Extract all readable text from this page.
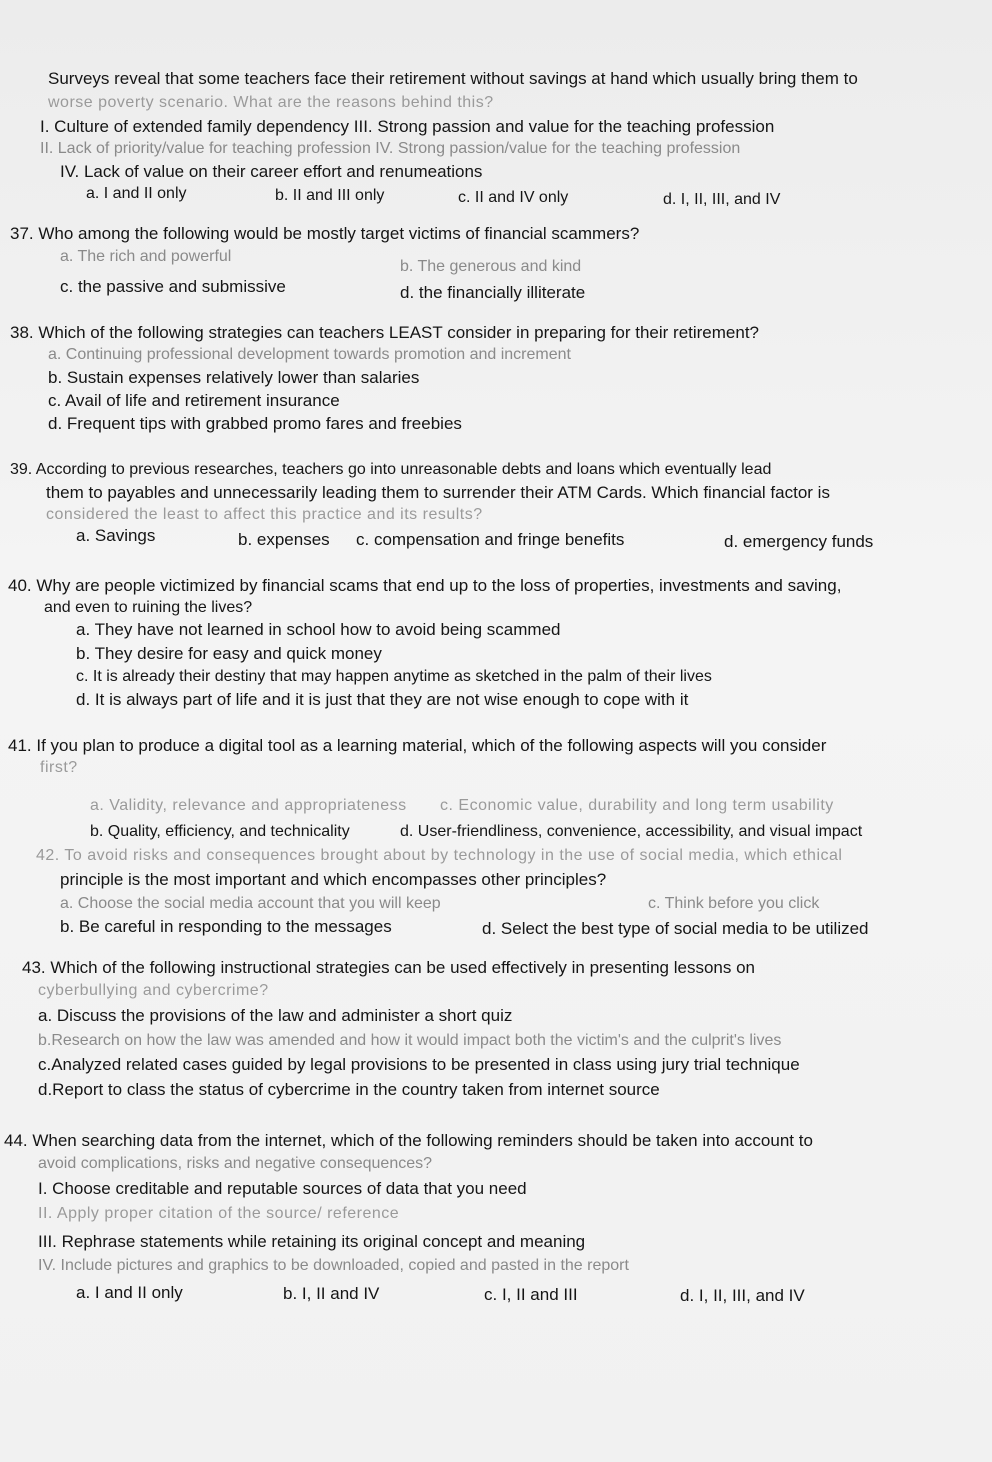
Surveys reveal that some teachers face their retirement without savings at hand which usually bring them to
worse poverty scenario. What are the reasons behind this?
I. Culture of extended family dependency III. Strong passion and value for the teaching profession
II. Lack of priority/value for teaching profession IV. Strong passion/value for the teaching profession
IV. Lack of value on their career effort and renumeations
a. I and II only	b. II and III only	c. II and IV only	d. I, II, III, and IV
37. Who among the following would be mostly target victims of financial scammers?
a. The rich and powerful
b. The generous and kind
c. the passive and submissive	d. the financially illiterate
38. Which of the following strategies can teachers LEAST consider in preparing for their retirement?
a. Continuing professional development towards promotion and increment
b. Sustain expenses relatively lower than salaries
c. Avail of life and retirement insurance
d. Frequent tips with grabbed promo fares and freebies
39. According to previous researches, teachers go into unreasonable debts and loans which eventually lead
them to payables and unnecessarily leading them to surrender their ATM Cards. Which financial factor is
considered the least to affect this practice and its results?
a. Savings	b. expenses c. compensation and fringe benefits	d. emergency funds
40. Why are people victimized by financial scams that end up to the loss of properties, investments and saving,
and even to ruining the lives?
a. They have not learned in school how to avoid being scammed
b. They desire for easy and quick money
c. It is already their destiny that may happen anytime as sketched in the palm of their lives
d. It is always part of life and it is just that they are not wise enough to cope with it
41. If you plan to produce a digital tool as a learning material, which of the following aspects will you consider
first?
a. Validity, relevance and appropriateness c. Economic value, durability and long term usability
b. Quality, efficiency, and technicality	d. User-friendliness, convenience, accessibility, and visual impact
42. To avoid risks and consequences brought about by technology in the use of social media, which ethical
principle is the most important and which encompasses other principles?
a. Choose the social media account that you will keep	c. Think before you click
b. Be careful in responding to the messages	d. Select the best type of social media to be utilized
43. Which of the following instructional strategies can be used effectively in presenting lessons on
cyberbullying and cybercrime?
a. Discuss the provisions of the law and administer a short quiz
b.Research on how the law was amended and how it would impact both the victim's and the culprit's lives
c.Analyzed related cases guided by legal provisions to be presented in class using jury trial technique
d.Report to class the status of cybercrime in the country taken from internet source
44. When searching data from the internet, which of the following reminders should be taken into account to
avoid complications, risks and negative consequences?
I. Choose creditable and reputable sources of data that you need
II. Apply proper citation of the source/ reference
III. Rephrase statements while retaining its original concept and meaning
IV. Include pictures and graphics to be downloaded, copied and pasted in the report
a. I and II only	b. I, II and IV	c. I, II and III	d. I, II, III, and IV
